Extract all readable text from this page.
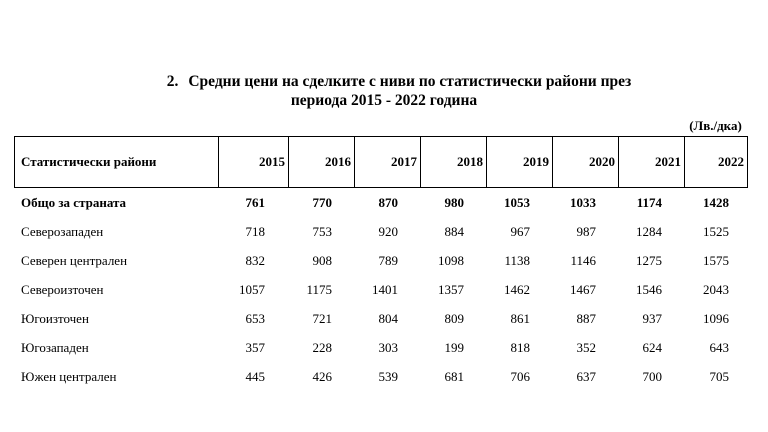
2. Средни цени на сделките с ниви по статистически райони през
периода 2015 - 2022 година
(Лв./дка)
Статистически райони	2015	2016	2017	2018	2019	2020	2021	2022
Общо за страната	761	770	870	980	1053	1033	1174	1428
Северозападен	718	753	920	884	967	987	1284	1525
Северен централен	832	908	789	1098	1138	1146	1275	1575
Североизточен	1057	1175	1401	1357	1462	1467	1546	2043
Югоизточен	653	721	804	809	861	887	937	1096
Югозападен	357	228	303	199	818	352	624	643
Южен централен	445	426	539	681	706	637	700	705
